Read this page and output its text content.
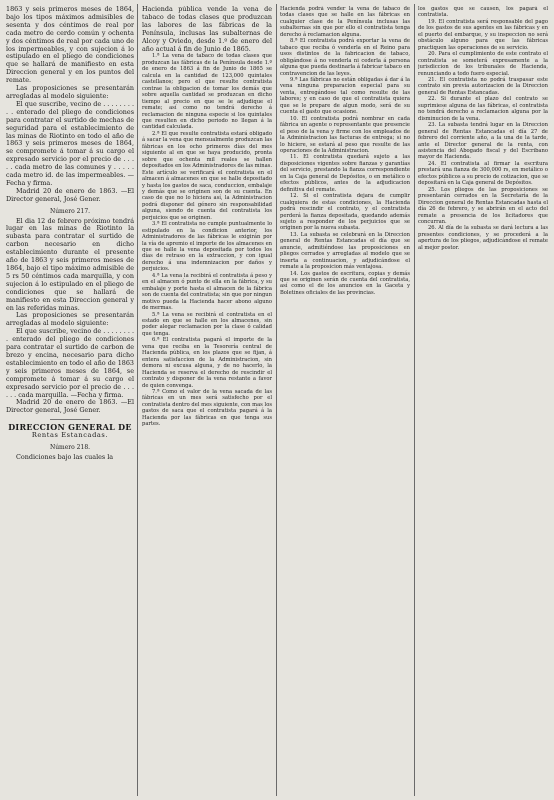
1863 y seis primeros meses de 1864, bajo los tipos máximos admisibles de sesenta y dos céntimos de real por cada metro de cerdo común y ochenta y dos céntimos de real por cada uno de los impermeables, y con sujecion á lo estipulado en el pliego de condiciones que se hallará de manifiesto en esta Direccion general y en los puntos del remate.

Las proposiciones se presentarán arregladas al modelo siguiente:

El que suscribe, vecino de . . . . . . . . . . enterado del pliego de condiciones para contratar el surtido de mechas de seguridad para el establecimiento de las minas de Riotinto en todo el año de 1863 y seis primeros meses de 1864, se compromete á tomar á su cargo el expresado servicio por el precio de . . . . . cada metro de las comunes y . . . . . cada metro id. de las impermeables. —Fecha y firma.

Madrid 20 de enero de 1863. —El Director general, José Gener.

Número 217.

El dia 12 de febrero próximo tendrá lugar en las minas de Riotinto la subasta para contratar el surtido de carbon necesario en dicho establecimiento durante el presente año de 1863 y seis primeros meses de 1864, bajo el tipo máximo admisible de 5 rs 50 céntimos cada marquilla, y con sujecion á lo estipulado en el pliego de condiciones que se hallará de manifiesto en esta Direccion general y en las referidas minas.

Las proposiciones se presentarán arregladas al modelo siguiente:

El que suscribe, vecino de . . . . . . . . . enterado del pliego de condiciones para contratar el surtido de carbon de brezo y encina, necesario para dicho establecimiento en todo el año de 1863 y seis primeros meses de 1864, se compromete á tomar á su cargo el expresado servicio por el precio de . . . . . . cada marquilla. —Fecha y firma.

Madrid 20 de enero de 1863. —El Director general, José Gener.

DIRECCION GENERAL DE
Rentas Estancadas.
Número 218.

Condiciones bajo las cuales la

Hacienda pública vende la vena de tabaco de todas clases que produzcan las labores de las fábricas de la Península, inclusas las subalternas de Alcoy y Oviedo, desde 1.º de enero del año actual á fin de Junio de 1865.

1.ª La vena de tabaco de todas clases que produzcan las fábricas de la Península desde 1.º de enero de 1863 á fin de Junio de 1865 se calcula en la cantidad de 123,000 quintales castellanos; pero el que resulte contratista contrae la obligacion de tomar los demás que sobre aquella cantidad se produzcan en dicho tiempo al precio en que se le adjudique el remate; así como no tendrá derecho á reclamacion de ninguna especie si los quintales que resulten en dicho periodo no llegan á la cantidad calculada.

2.ª El que resulte contratista estará obligado á sacar la vena que mensualmente produzcan las fábricas en los ocho primeros días del mes siguiente al en que se haya producido, pronta sobre que ochenta mil reales se hallen depositados en los Administradores de las minas. Este artículo se verificará el contratista en el almacen á almacenes en que se halle depositado y hasta los gastos de saca, conduccion, embalaje y demás que se originen son de su cuenta. En caso de que no lo hiciera así, la Administracion podrá disponer del género sin responsabilidad alguna, siendo de cuenta del contratista los perjuicios que se originen.

3.ª El contratista no cumple puntualmente lo estipulado en la condicion anterior, los Administradores de las fábricas le exigirán por la vía de apremio el importe de los almacenes en que se halle la vena depositada por todos los días de retraso en la extraccion, y con igual derecho á una indemnizacion por daños y perjuicios.

4.ª La vena la recibirá el contratista á peso y en el almacen ó punto de ella en la fábrica, y su embalaje y porte hasta el almacen de la fábrica son de cuenta del contratista; sin que por ningun motivo pueda la Hacienda hacer abono alguno de mermas.

5.ª La vena se recibirá el contratista en el estado en que se halle en los almacenes, sin poder alegar reclamacion por la clase ó calidad que tenga.

6.ª El contratista pagará el importe de la vena que reciba en la Tesorería central de Hacienda pública, en los plazos que se fijan, á entera satisfaccion de la Administracion, sin demora ni excusa alguna, y de no hacerlo, la Hacienda se reserva el derecho de rescindir el contrato y disponer de la vena restante a favor de quien convenga.

7.ª Como el valor de la vena sacada de las fábricas en un mes será satisfecho por el contratista dentro del mes siguiente, con mas los gastos de saca que el contratista pagará á la Hacienda por las fábricas en que tenga sus partes.

Hacienda podrá vender la vena de tabaco de todas clases que se halle en las fábricas en cualquier clase de la Península inclusas las subalternas sin que por ello el contratista tenga derecho á reclamacion alguna.

8.ª El contratista podrá exportar la vena de tabaco que reciba ó venderla en el Reino para usos distintos de la fabricacion de tabaco, obligándose á no venderla ni cederla á persona alguna que pueda destinarla á fabricar tabaco en contravencion de las leyes.

9.ª Las fábricas no están obligadas á dar á la vena ninguna preparacion especial para su venta, entregándose tal como resulte de las labores; y en caso de que el contratista quiera que se le prepare de algun modo, será de su cuenta el gasto que ocasione.

10. El contratista podrá nombrar en cada fábrica un agente o representante que presencie el peso de la vena y firme con los empleados de la Administracion las facturas de entrega; si no lo hiciere, se estará al peso que resulte de las operaciones de la Administracion.

11. El contratista quedará sujeto a las disposiciones vigentes sobre fianzas y garantías del servicio, prestando la fianza correspondiente en la Caja general de Depósitos, o en metálico o efectos públicos, antes de la adjudicacion definitiva del remate.

12. Si el contratista dejara de cumplir cualquiera de estas condiciones, la Hacienda podrá rescindir el contrato, y el contratista perderá la fianza depositada, quedando además sujeto a responder de los perjuicios que se originen por la nueva subasta.

13. La subasta se celebrará en la Direccion general de Rentas Estancadas el día que se anuncie, admitiéndose las proposiciones en pliegos cerrados y arregladas al modelo que se inserta a continuacion, y adjudicándose el remate a la proposicion más ventajosa.

14. Los gastos de escritura, copias y demás que se originen serán de cuenta del contratista, así como el de los anuncios en la Gaceta y Boletines oficiales de las provincias.

los gastos que se causen, los pagará el contratista.

19. El contratista será responsable del pago de los gastos de sus agentes en las fábricas y en el puerto del embarque, y su inspeccion no será obstáculo alguno para que las fábricas practiquen las operaciones de su servicio.

20. Para el cumplimiento de este contrato el contratista se someterá expresamente a la jurisdiccion de los tribunales de Hacienda, renunciando a todo fuero especial.

21. El contratista no podrá traspasar este contrato sin previa autorizacion de la Direccion general de Rentas Estancadas.

22. Si durante el plazo del contrato se suprimiese alguna de las fábricas, el contratista no tendrá derecho a reclamacion alguna por la disminucion de la vena.

23. La subasta tendrá lugar en la Direccion general de Rentas Estancadas el día 27 de febrero del corriente año, a la una de la tarde, ante el Director general de la renta, con asistencia del Abogado fiscal y del Escribano mayor de Hacienda.

24. El contratista al firmar la escritura prestará una fianza de 300,000 rs, en metálico o efectos públicos a su precio de cotizacion, que se depositará en la Caja general de Depósitos.

25. Los pliegos de las proposiciones se presentarán cerrados en la Secretaría de la Direccion general de Rentas Estancadas hasta el día 26 de febrero, y se abrirán en el acto del remate a presencia de los licitadores que concurran.

26. Al día de la subasta se dará lectura a las presentes condiciones, y se procederá a la apertura de los pliegos, adjudicándose el remate al mejor postor.
